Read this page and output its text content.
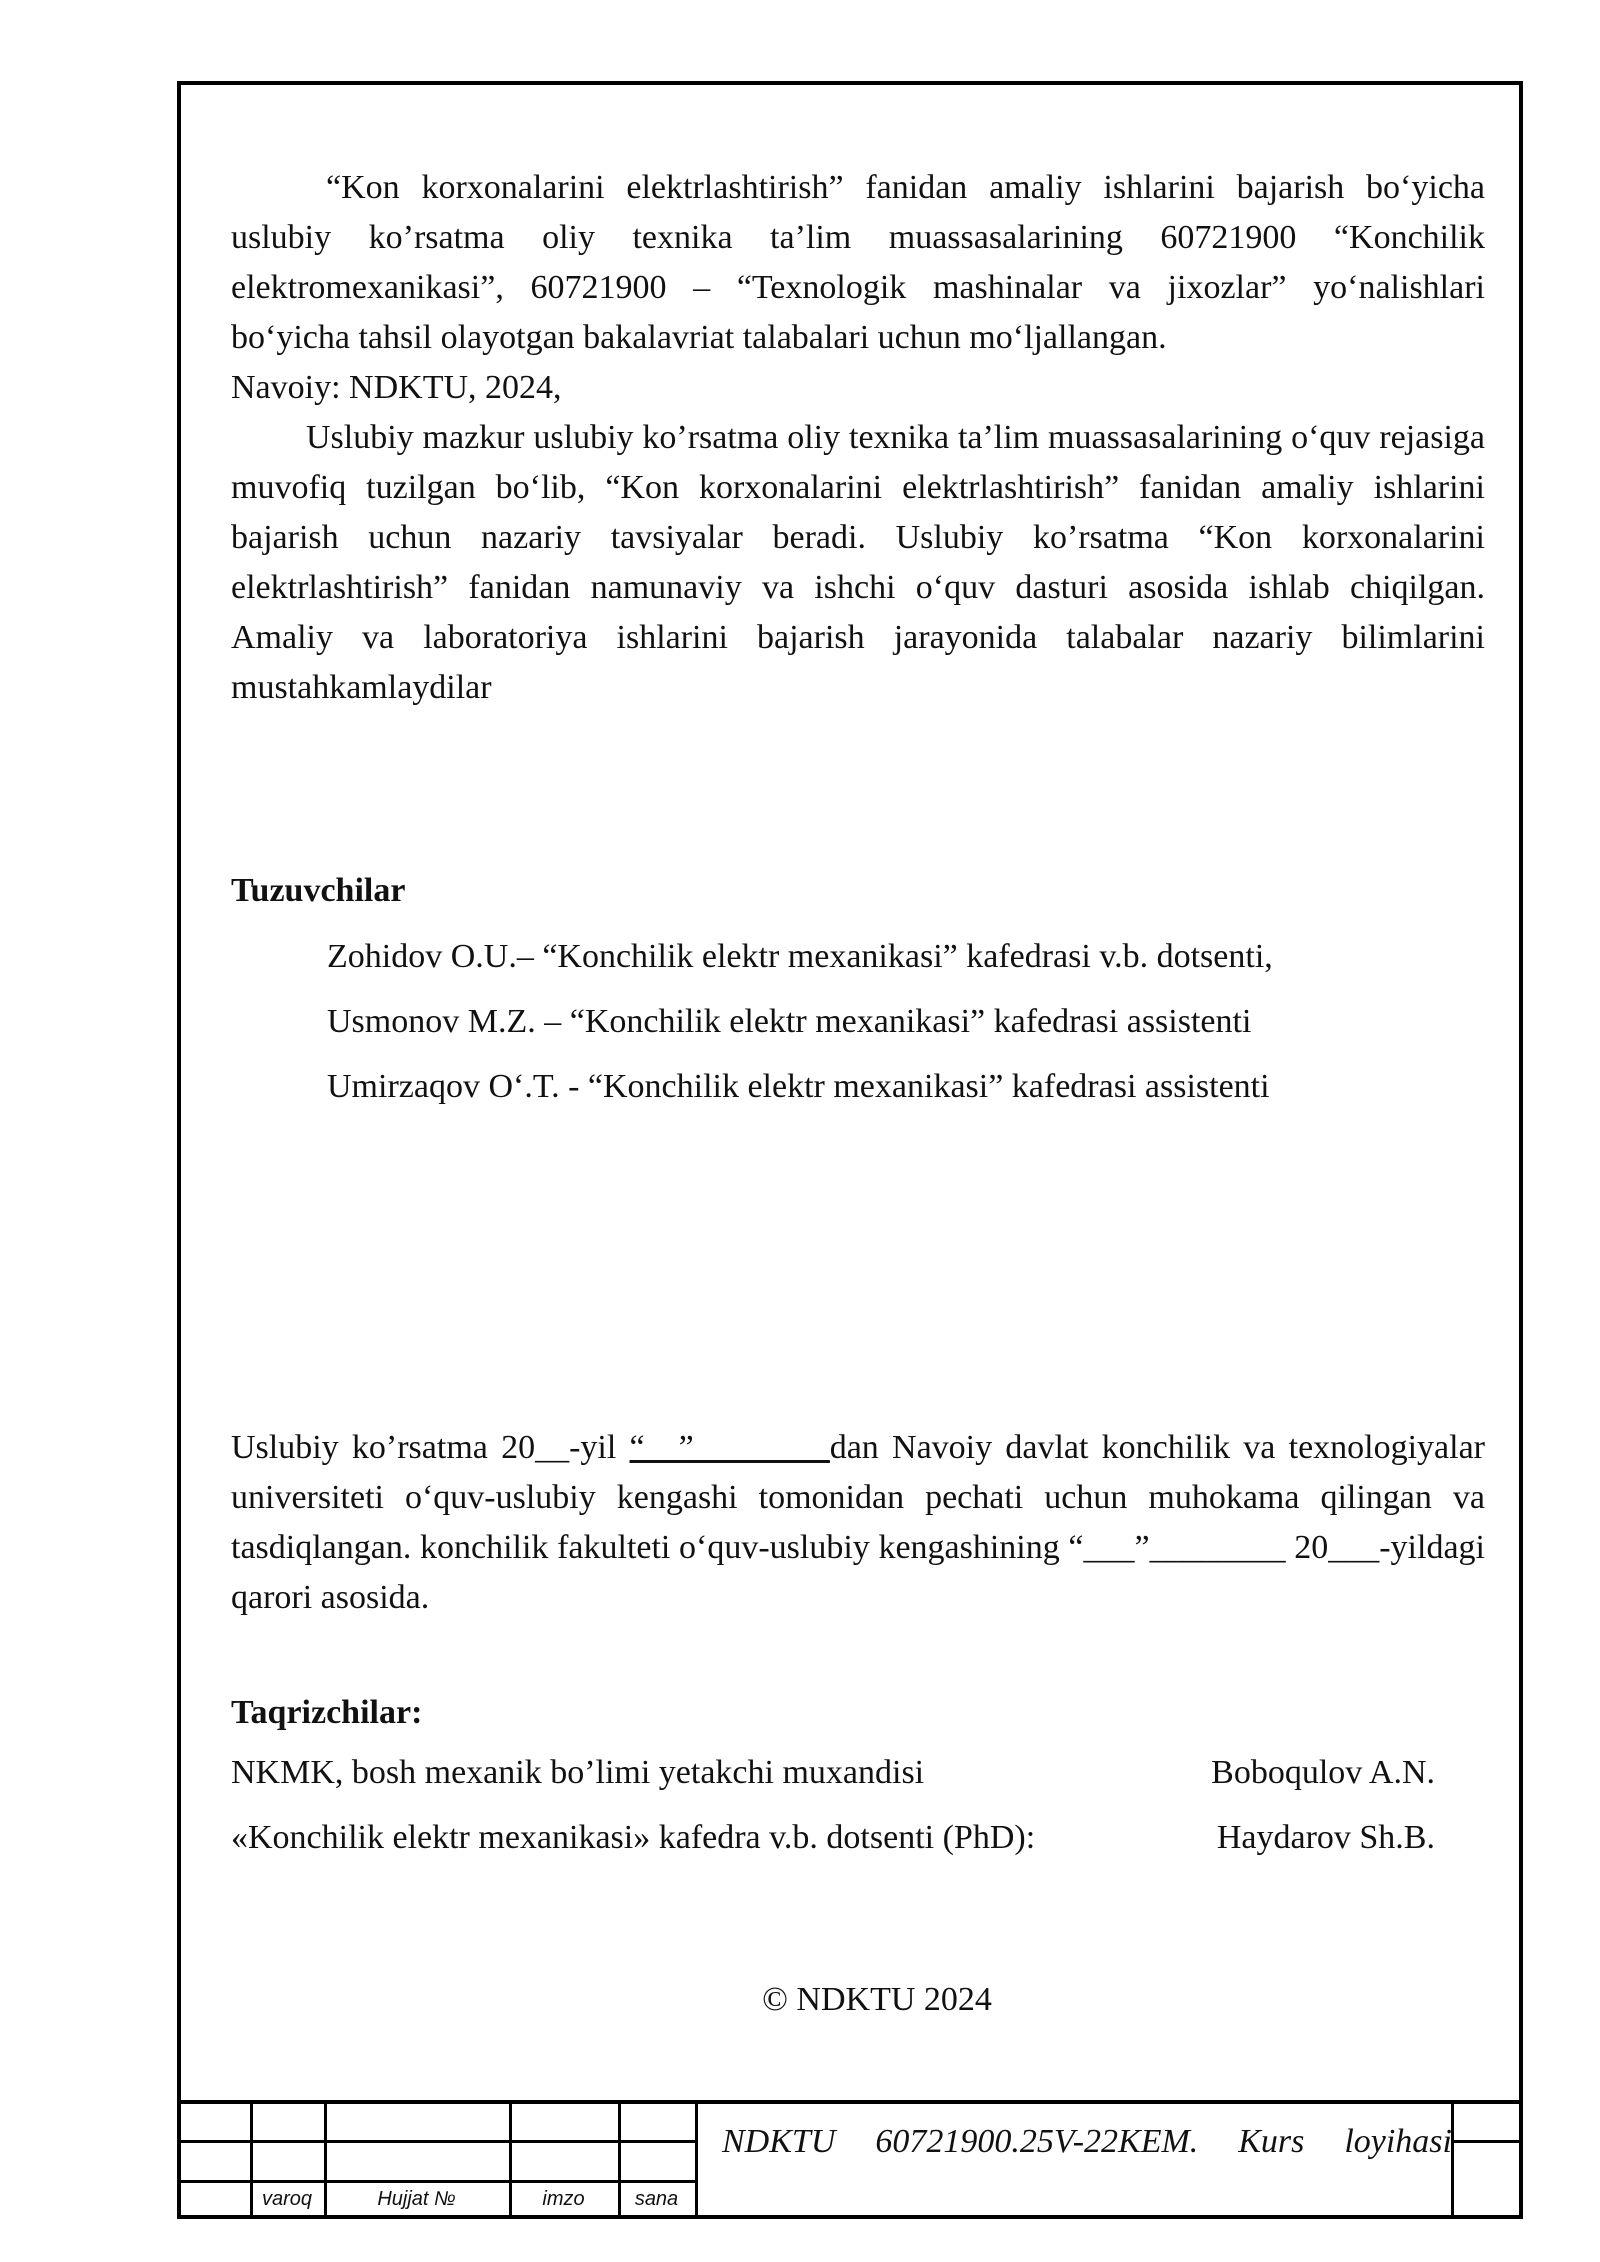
“Kon korxonalarini elektrlashtirish” fanidan amaliy ishlarini bajarish bo‘yicha uslubiy ko’rsatma oliy texnika ta’lim muassasalarining 60721900 “Konchilik elektromexanikasi”, 60721900 – “Texnologik mashinalar va jixozlar” yo‘nalishlari bo‘yicha tahsil olayotgan bakalavriat talabalari uchun mo‘ljallangan.

Navoiy: NDKTU, 2024,

Uslubiy mazkur uslubiy ko’rsatma oliy texnika ta’lim muassasalarining o‘quv rejasiga muvofiq tuzilgan bo‘lib, “Kon korxonalarini elektrlashtirish” fanidan amaliy ishlarini bajarish uchun nazariy tavsiyalar beradi. Uslubiy ko’rsatma “Kon korxonalarini elektrlashtirish” fanidan namunaviy va ishchi o‘quv dasturi asosida ishlab chiqilgan. Amaliy va laboratoriya ishlarini bajarish jarayonida talabalar nazariy bilimlarini mustahkamlaydilar

Tuzuvchilar

Zohidov O.U.– “Konchilik elektr mexanikasi” kafedrasi v.b. dotsenti,

Usmonov M.Z. – “Konchilik elektr mexanikasi” kafedrasi assistenti

Umirzaqov O‘.T. - “Konchilik elektr mexanikasi” kafedrasi assistenti

Uslubiy ko’rsatma 20__-yil “__”________dan Navoiy davlat konchilik va texnologiyalar universiteti o‘quv-uslubiy kengashi tomonidan pechati uchun muhokama qilingan va tasdiqlangan. konchilik fakulteti o‘quv-uslubiy kengashining “___”________ 20___-yildagi qarori asosida.

Taqrizchilar:

NKMK, bosh mexanik bo’limi yetakchi muxandisi	Boboqulov A.N.
«Konchilik elektr mexanikasi» kafedra v.b. dotsenti (PhD):	Haydarov Sh.B.
© NDKTU 2024
varoq	Hujjat №	imzo	sana
NDKTU 60721900.25V-22KEM. Kurs loyihasi
